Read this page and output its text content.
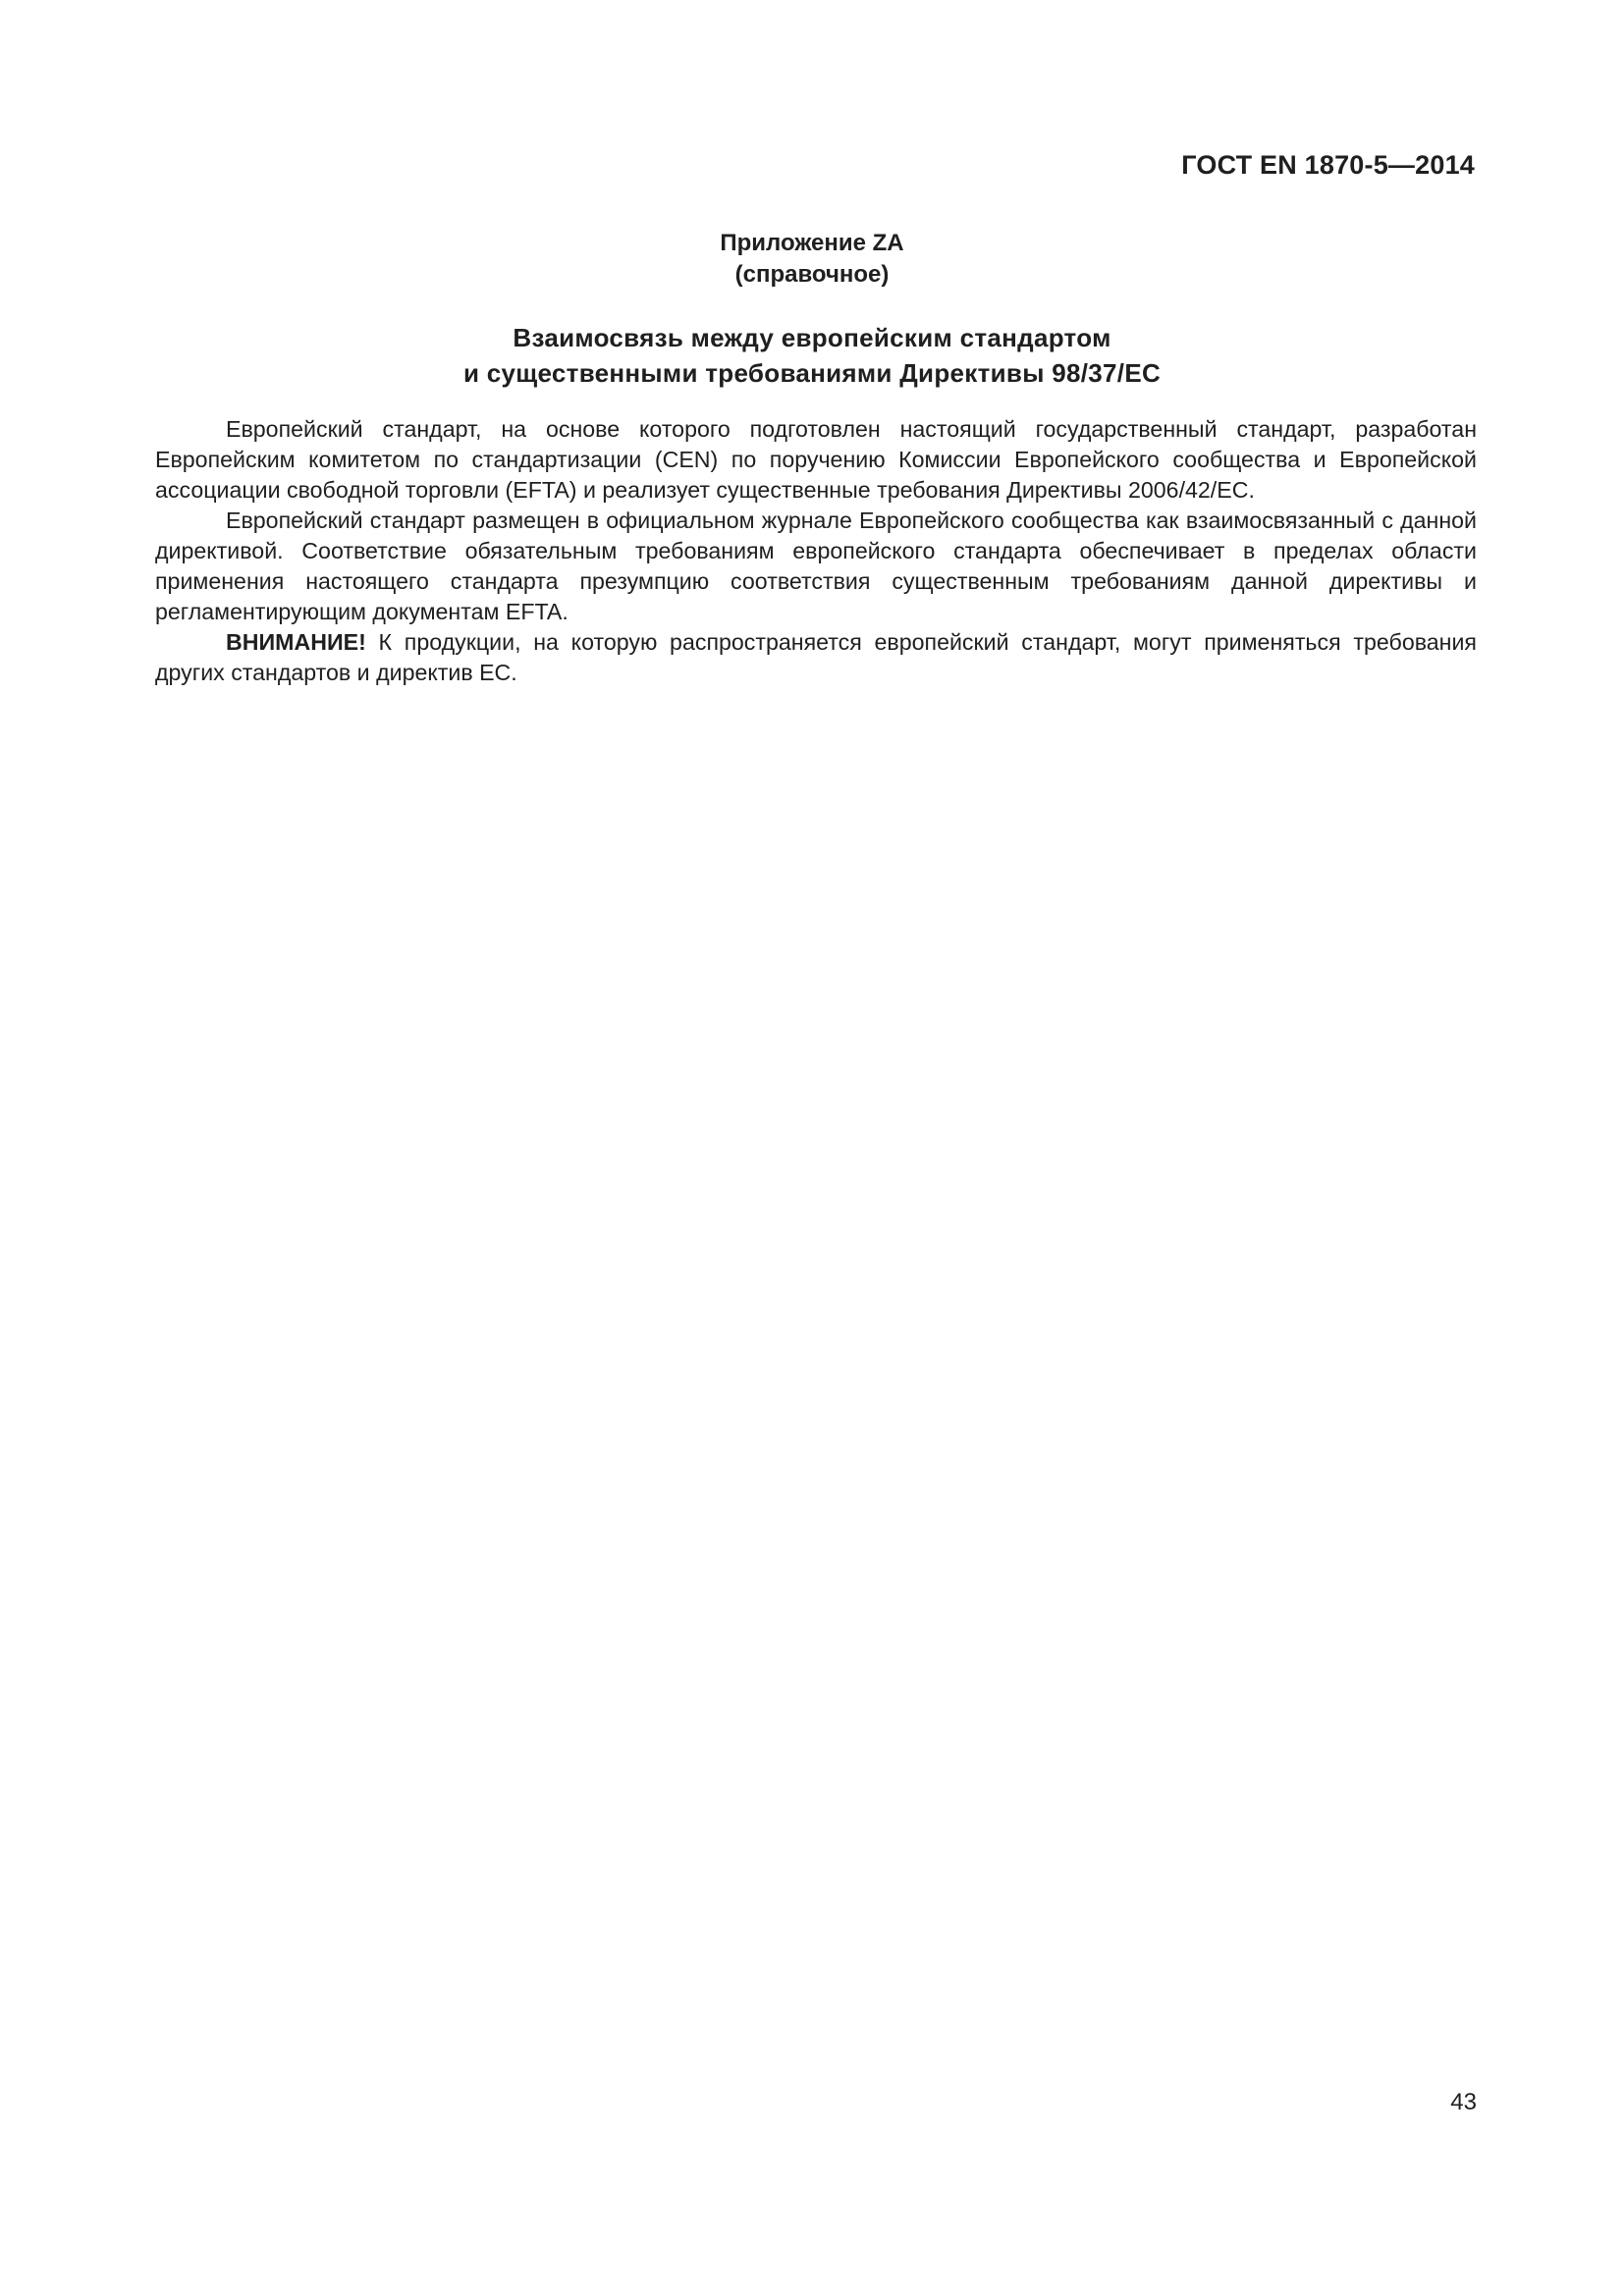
ГОСТ EN 1870-5—2014
Приложение ZA
(справочное)
Взаимосвязь между европейским стандартом
и существенными требованиями Директивы 98/37/ЕС

Европейский стандарт, на основе которого подготовлен настоящий государственный стандарт, разработан Европейским комитетом по стандартизации (CEN) по поручению Комиссии Европейского сообщества и Европейской ассоциации свободной торговли (EFTA) и реализует существенные требования Директивы 2006/42/ЕС.

Европейский стандарт размещен в официальном журнале Европейского сообщества как взаимосвязанный с данной директивой. Соответствие обязательным требованиям европейского стандарта обеспечивает в пределах области применения настоящего стандарта презумпцию соответствия существенным требованиям данной директивы и регламентирующим документам EFTA.

ВНИМАНИЕ! К продукции, на которую распространяется европейский стандарт, могут применяться требования других стандартов и директив ЕС.

43
